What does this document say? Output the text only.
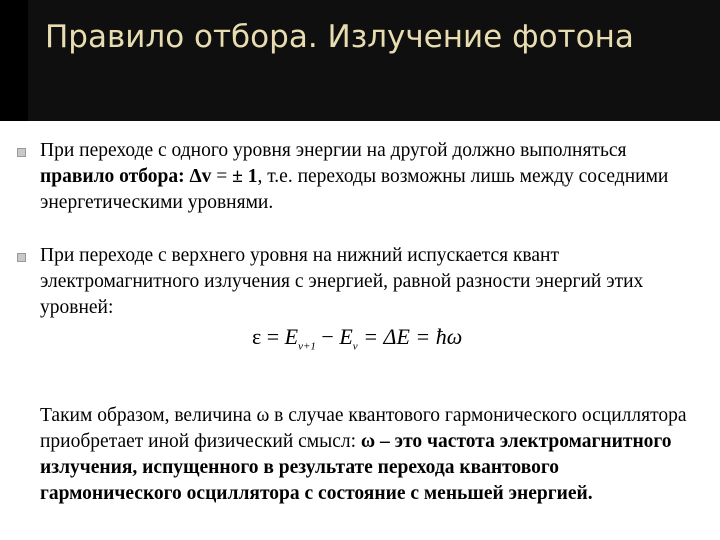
Правило отбора. Излучение фотона
При переходе с одного уровня энергии на другой должно выполняться правило отбора: Δv = ± 1, т.е. переходы возможны лишь между соседними энергетическими уровнями.
При переходе с верхнего уровня на нижний испускается квант электромагнитного излучения с энергией, равной разности энергий этих уровней:
$\varepsilon = E_{v+1} - E_v = \Delta E$ = ħω
Таким образом, величина ω в случае квантового гармонического осциллятора приобретает иной физический смысл: ω – это частота электромагнитного излучения, испущенного в результате перехода квантового гармонического осциллятора с состояние с меньшей энергией.
